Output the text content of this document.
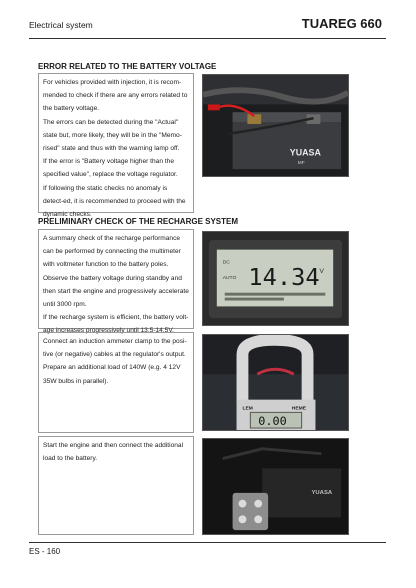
Electrical system	TUAREG 660
ERROR RELATED TO THE BATTERY VOLTAGE

For vehicles provided with injection, it is recom-mended to check if there are any errors related to the battery voltage.

The errors can be detected during the "Actual" state but, more likely, they will be in the "Memo-rised" state and thus with the warning lamp off.

If the error is "Battery voltage higher than the specified value", replace the voltage regulator.

If following the static checks no anomaly is detect-ed, it is recommended to proceed with the dynamic checks.

YUASA
MF
PRELIMINARY CHECK OF THE RECHARGE SYSTEM

A summary check of the recharge performance can be performed by connecting the multimeter with voltmeter function to the battery poles.

Observe the battery voltage during standby and then start the engine and progressively accelerate until 3000 rpm.

If the recharge system is efficient, the battery volt-age increases progressively until 13.5-14.5V.

DC
AUTO 14.34 V

Connect an induction ammeter clamp to the posi-tive (or negative) cables at the regulator's output.

Prepare an additional load of 140W (e.g. 4 12V 35W bulbs in parallel).

LEM	HEME
0.00

Start the engine and then connect the additional load to the battery.

YUASA
ES - 160
